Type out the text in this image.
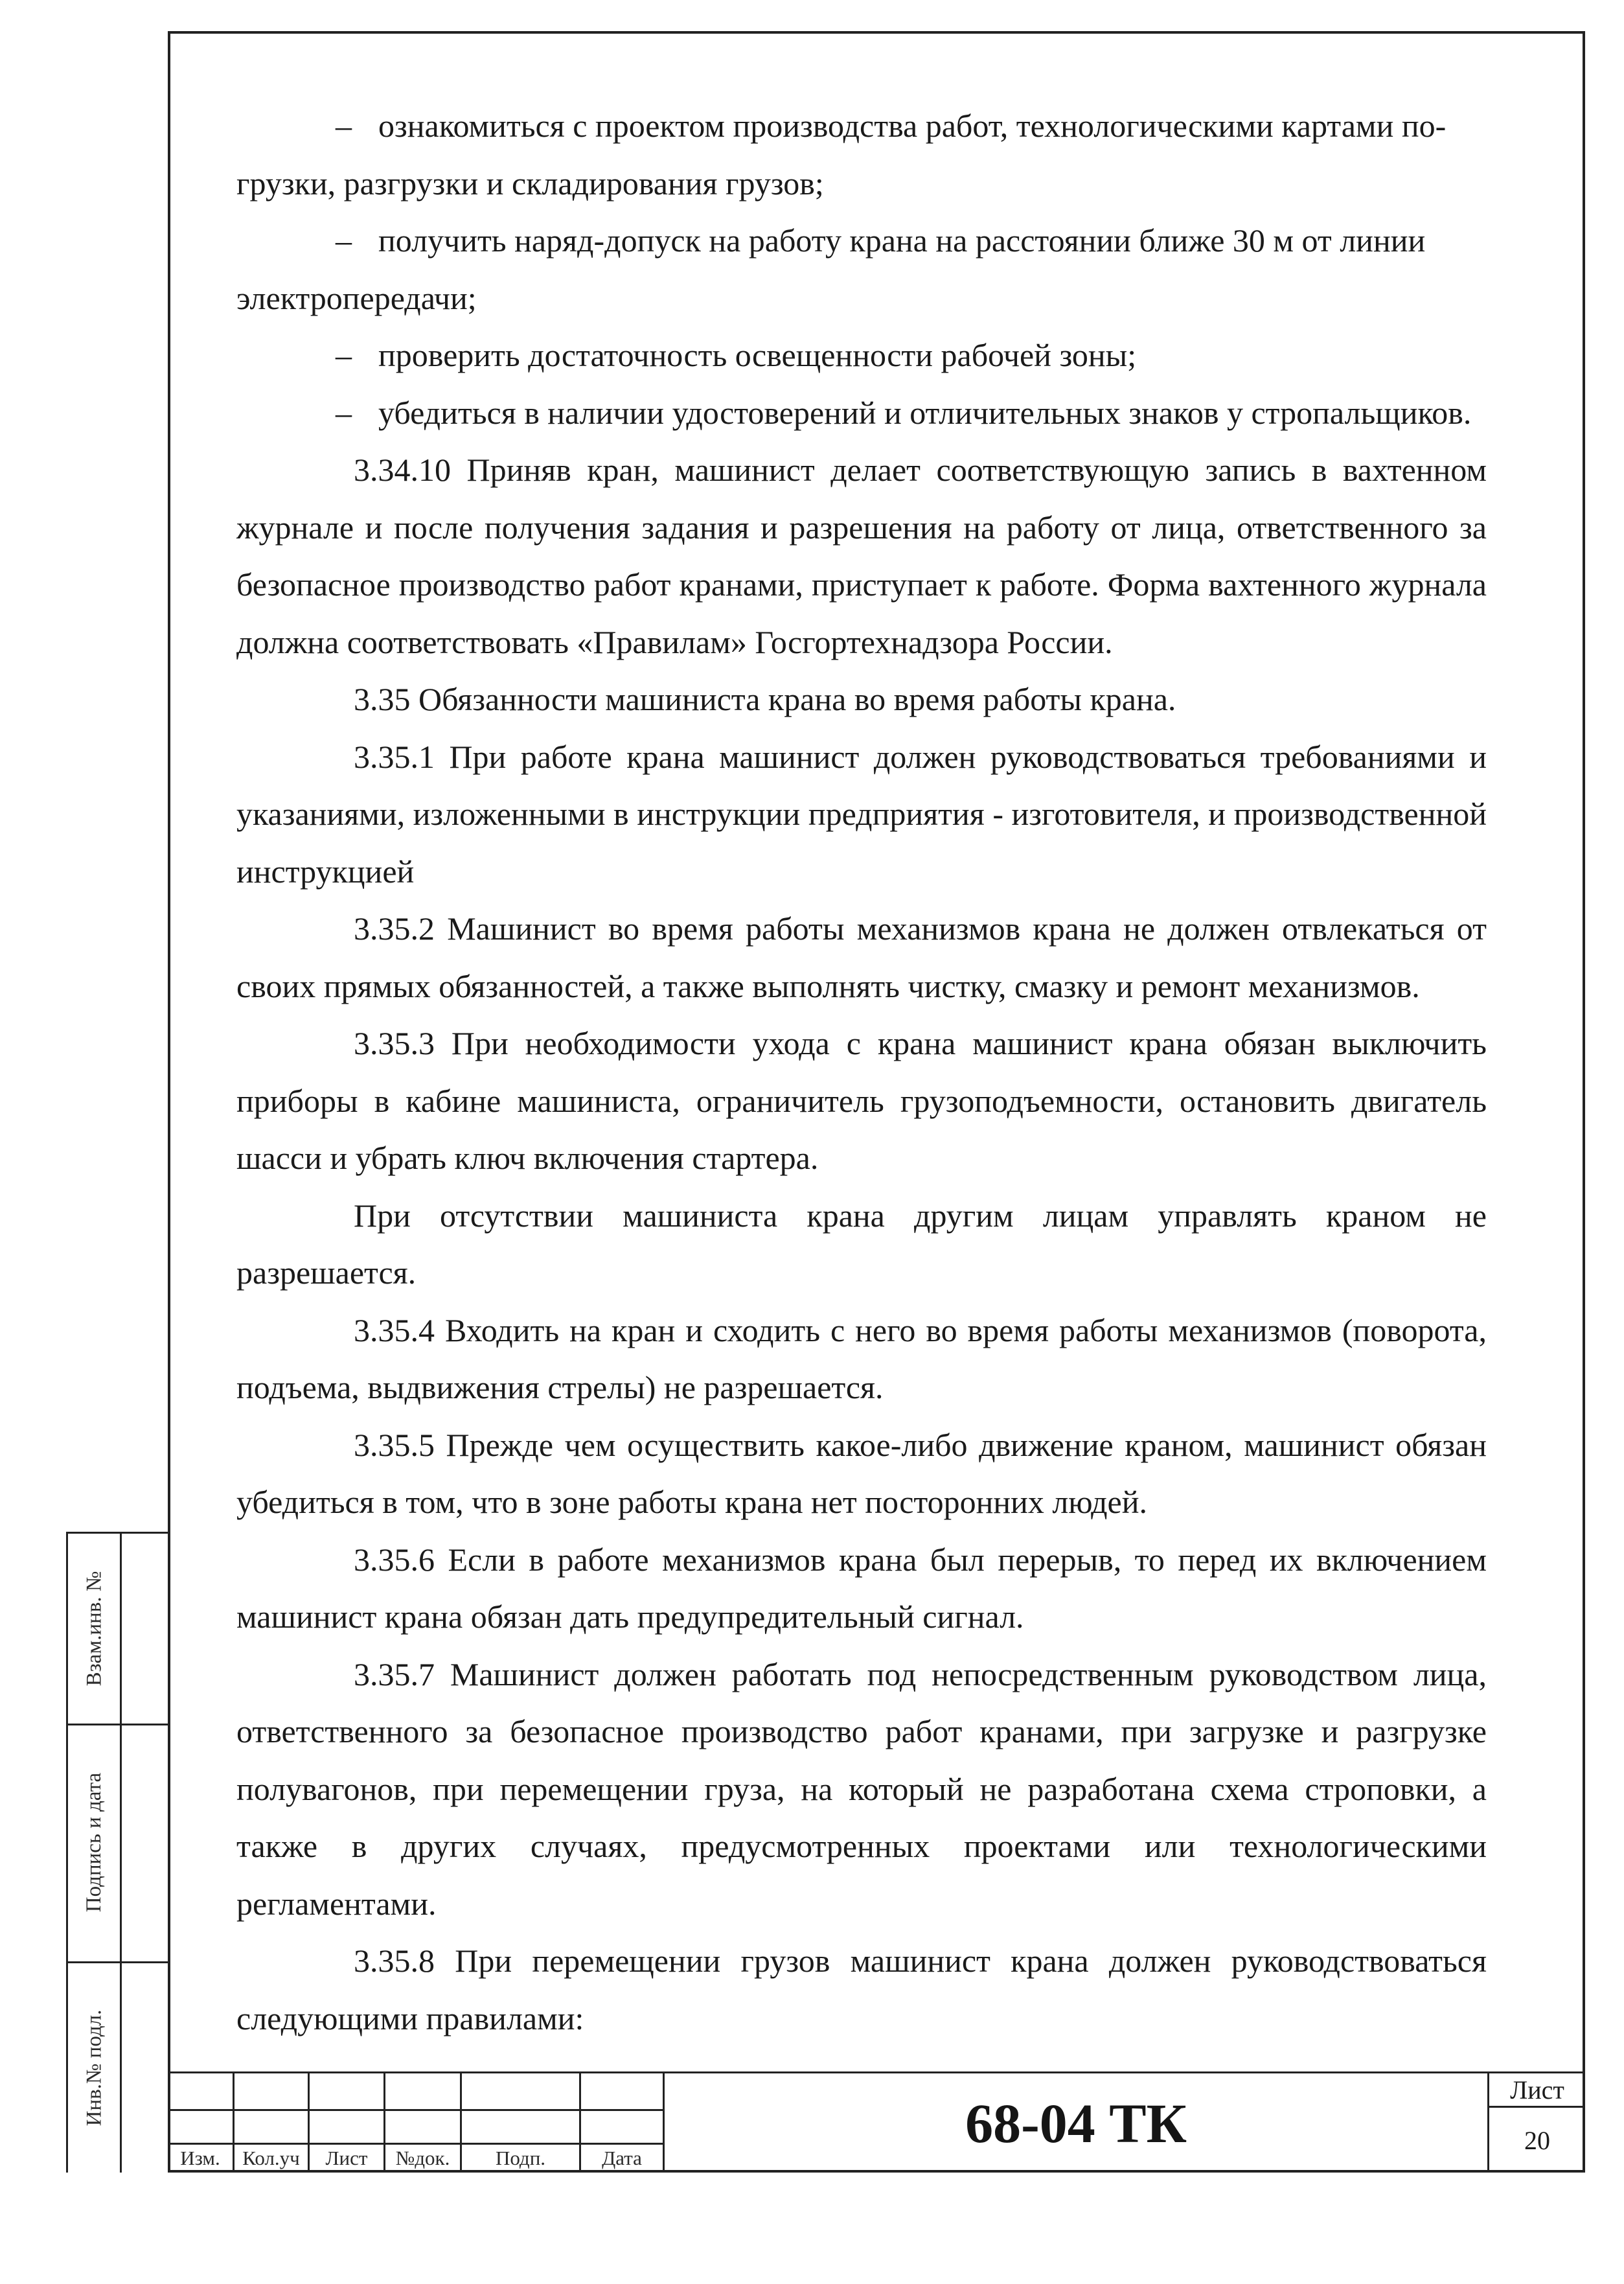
– ознакомиться с проектом производства работ, технологическими картами по-

грузки, разгрузки и складирования грузов;

– получить наряд-допуск на работу крана на расстоянии ближе 30 м от линии

электропередачи;

– проверить достаточность освещенности рабочей зоны;

– убедиться в наличии удостоверений и отличительных знаков у стропальщиков.

3.34.10 Приняв кран, машинист делает соответствующую запись в вахтенном журнале и после получения задания и разрешения на работу от лица, ответственного за безопасное производство работ кранами, приступает к работе. Форма вахтенного журнала должна соответствовать «Правилам» Госгортехнадзора России.

3.35 Обязанности машиниста крана во время работы крана.

3.35.1 При работе крана машинист должен руководствоваться требованиями и указаниями, изложенными в инструкции предприятия - изготовителя, и производственной инструкцией

3.35.2 Машинист во время работы механизмов крана не должен отвлекаться от своих прямых обязанностей, а также выполнять чистку, смазку и ремонт механизмов.

3.35.3 При необходимости ухода с крана машинист крана обязан выключить приборы в кабине машиниста, ограничитель грузоподъемности, остановить двигатель шасси и убрать ключ включения стартера.

При отсутствии машиниста крана другим лицам управлять краном не разрешается.

3.35.4 Входить на кран и сходить с него во время работы механизмов (поворота, подъема, выдвижения стрелы) не разрешается.

3.35.5 Прежде чем осуществить какое-либо движение краном, машинист обязан убедиться в том, что в зоне работы крана нет посторонних людей.

3.35.6 Если в работе механизмов крана был перерыв, то перед их включением машинист крана обязан дать предупредительный сигнал.

3.35.7 Машинист должен работать под непосредственным руководством лица, ответственного за безопасное производство работ кранами, при загрузке и разгрузке полувагонов, при перемещении груза, на который не разработана схема строповки, а также в других случаях, предусмотренных проектами или технологическими регламентами.

3.35.8 При перемещении грузов машинист крана должен руководствоваться следующими правилами:

Взам.инв. №
Подпись и дата
Инв.№ подл.
Изм.	Кол.уч	Лист	№док.	Подп.	Дата
68-04 ТК
Лист
20
